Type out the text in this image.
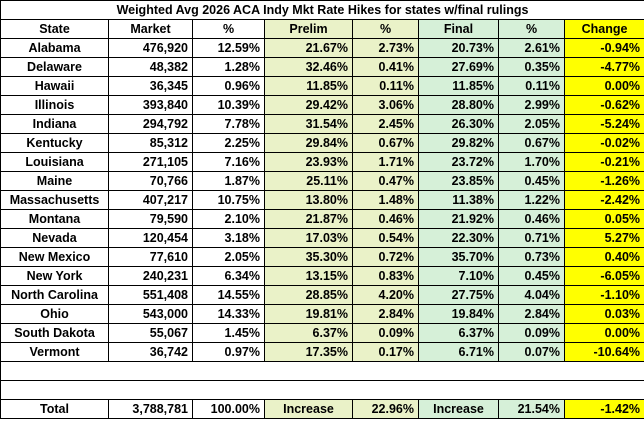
Weighted Avg 2026 ACA Indy Mkt Rate Hikes for states w/final rulings							
State	Market	%	Prelim	%	Final	%	Change
Alabama	476,920	12.59%	21.67%	2.73%	20.73%	2.61%	-0.94%
Delaware	48,382	1.28%	32.46%	0.41%	27.69%	0.35%	-4.77%
Hawaii	36,345	0.96%	11.85%	0.11%	11.85%	0.11%	0.00%
Illinois	393,840	10.39%	29.42%	3.06%	28.80%	2.99%	-0.62%
Indiana	294,792	7.78%	31.54%	2.45%	26.30%	2.05%	-5.24%
Kentucky	85,312	2.25%	29.84%	0.67%	29.82%	0.67%	-0.02%
Louisiana	271,105	7.16%	23.93%	1.71%	23.72%	1.70%	-0.21%
Maine	70,766	1.87%	25.11%	0.47%	23.85%	0.45%	-1.26%
Massachusetts	407,217	10.75%	13.80%	1.48%	11.38%	1.22%	-2.42%
Montana	79,590	2.10%	21.87%	0.46%	21.92%	0.46%	0.05%
Nevada	120,454	3.18%	17.03%	0.54%	22.30%	0.71%	5.27%
New Mexico	77,610	2.05%	35.30%	0.72%	35.70%	0.73%	0.40%
New York	240,231	6.34%	13.15%	0.83%	7.10%	0.45%	-6.05%
North Carolina	551,408	14.55%	28.85%	4.20%	27.75%	4.04%	-1.10%
Ohio	543,000	14.33%	19.81%	2.84%	19.84%	2.84%	0.03%
South Dakota	55,067	1.45%	6.37%	0.09%	6.37%	0.09%	0.00%
Vermont	36,742	0.97%	17.35%	0.17%	6.71%	0.07%	-10.64%

Total	3,788,781	100.00%	Increase	22.96%	Increase	21.54%	-1.42%
